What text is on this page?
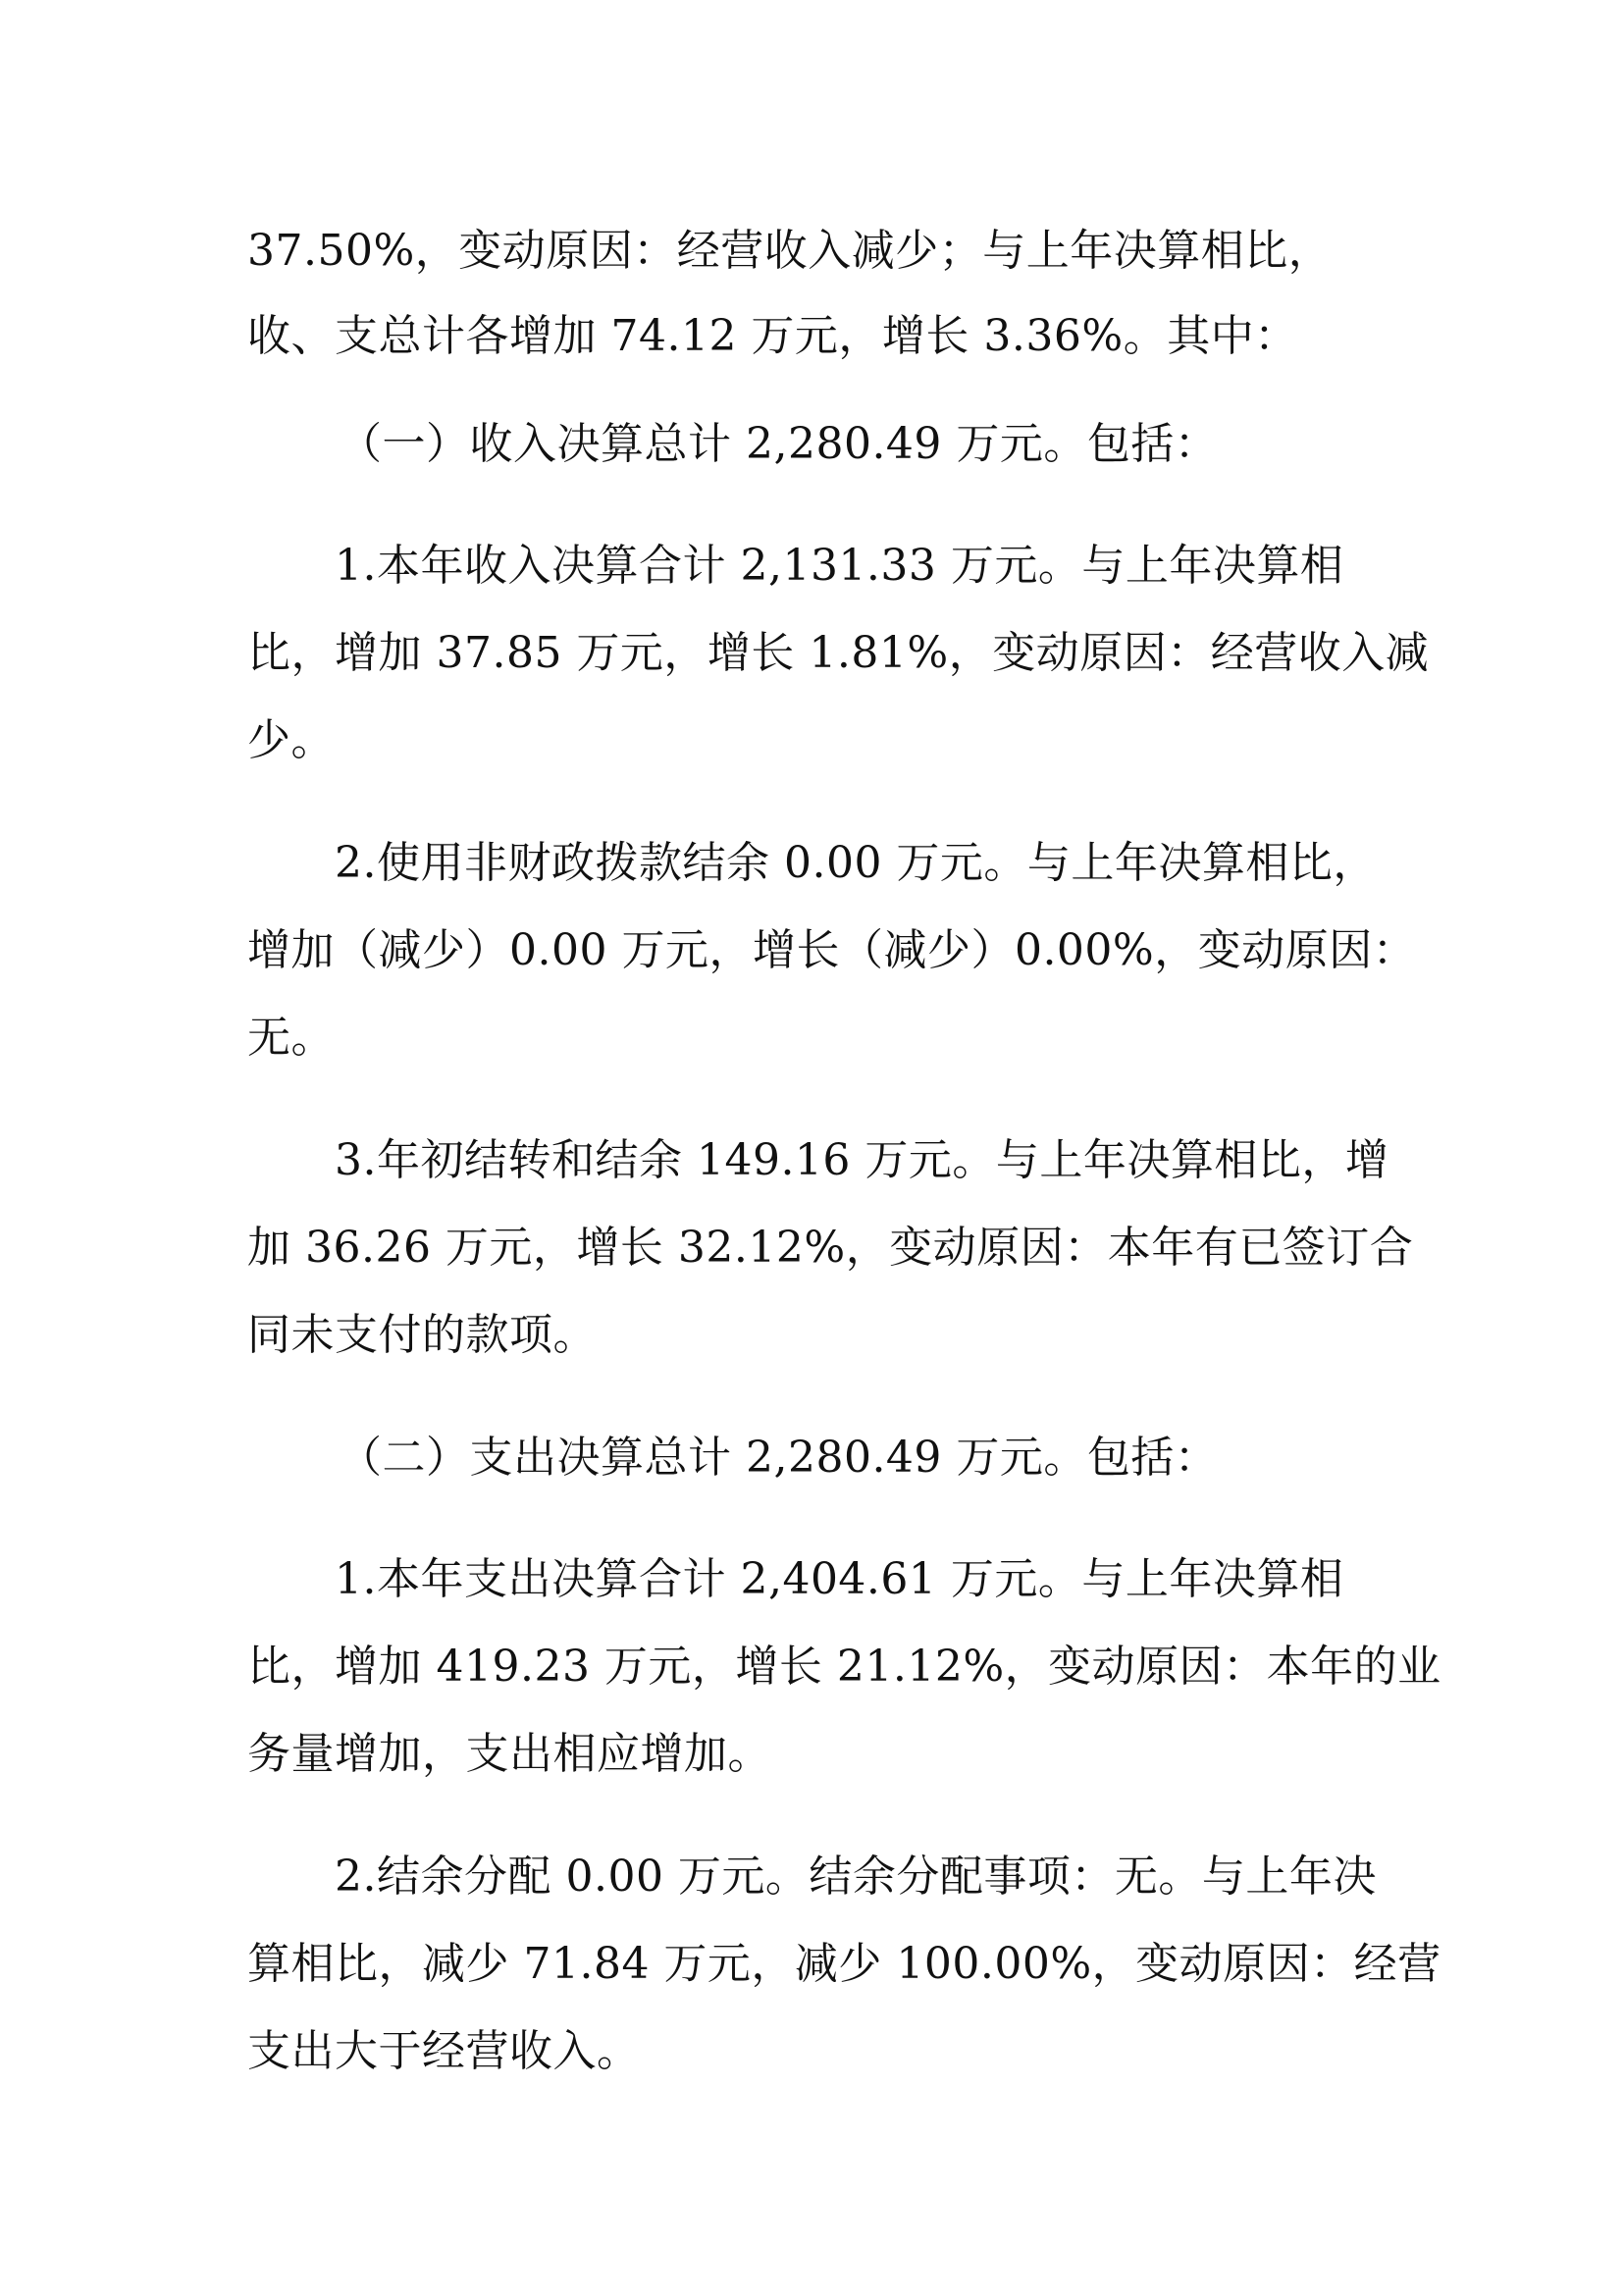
37.50%，变动原因：经营收入减少；与上年决算相比，
收、支总计各增加 74.12 万元，增长 3.36%。其中：
（一）收入决算总计 2,280.49 万元。包括：
1.本年收入决算合计 2,131.33 万元。与上年决算相
比，增加 37.85 万元，增长 1.81%，变动原因：经营收入减
少。
2.使用非财政拨款结余 0.00 万元。与上年决算相比，
增加（减少）0.00 万元，增长（减少）0.00%，变动原因：
无。
3.年初结转和结余 149.16 万元。与上年决算相比，增
加 36.26 万元，增长 32.12%，变动原因：本年有已签订合
同未支付的款项。
（二）支出决算总计 2,280.49 万元。包括：
1.本年支出决算合计 2,404.61 万元。与上年决算相
比，增加 419.23 万元，增长 21.12%，变动原因：本年的业
务量增加，支出相应增加。
2.结余分配 0.00 万元。结余分配事项：无。与上年决
算相比，减少 71.84 万元，减少 100.00%，变动原因：经营
支出大于经营收入。
